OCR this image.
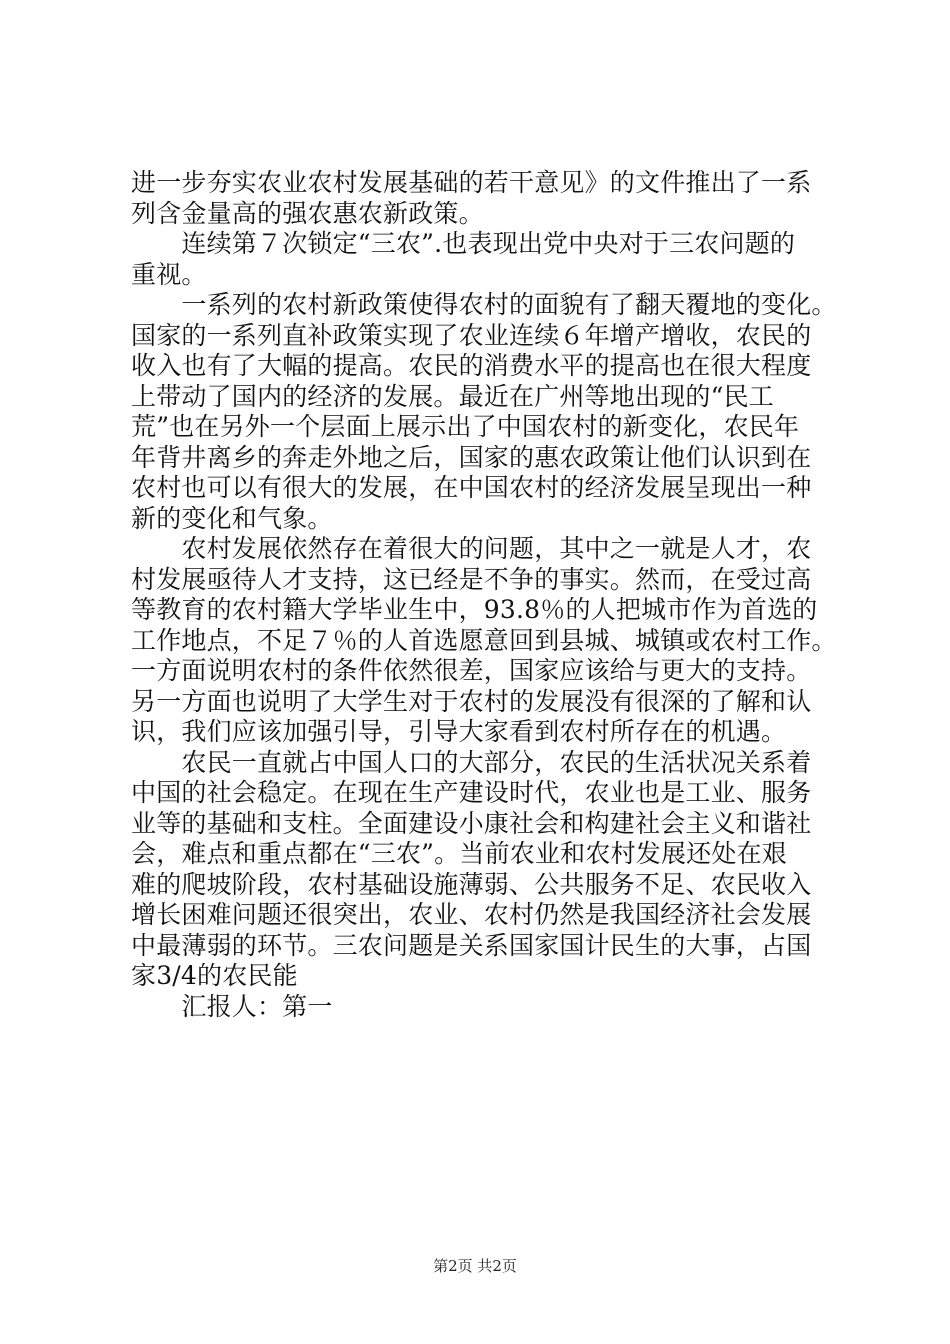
进一步夯实农业农村发展基础的若干意见》的文件推出了一系
列含金量高的强农惠农新政策。
　　连续第７次锁定“三农”.也表现出党中央对于三农问题的
重视。
　　一系列的农村新政策使得农村的面貌有了翻天覆地的变化。
国家的一系列直补政策实现了农业连续６年增产增收，农民的
收入也有了大幅的提高。农民的消费水平的提高也在很大程度
上带动了国内的经济的发展。最近在广州等地出现的“民工
荒”也在另外一个层面上展示出了中国农村的新变化，农民年
年背井离乡的奔走外地之后，国家的惠农政策让他们认识到在
农村也可以有很大的发展，在中国农村的经济发展呈现出一种
新的变化和气象。
　　农村发展依然存在着很大的问题，其中之一就是人才，农
村发展亟待人才支持，这已经是不争的事实。然而，在受过高
等教育的农村籍大学毕业生中，93.8％的人把城市作为首选的
工作地点，不足７％的人首选愿意回到县城、城镇或农村工作。
一方面说明农村的条件依然很差，国家应该给与更大的支持。
另一方面也说明了大学生对于农村的发展没有很深的了解和认
识，我们应该加强引导，引导大家看到农村所存在的机遇。
　　农民一直就占中国人口的大部分，农民的生活状况关系着
中国的社会稳定。在现在生产建设时代，农业也是工业、服务
业等的基础和支柱。全面建设小康社会和构建社会主义和谐社
会，难点和重点都在“三农”。当前农业和农村发展还处在艰
难的爬坡阶段，农村基础设施薄弱、公共服务不足、农民收入
增长困难问题还很突出，农业、农村仍然是我国经济社会发展
中最薄弱的环节。三农问题是关系国家国计民生的大事，占国
家3/4的农民能
　　汇报人：第一
第2页 共2页
